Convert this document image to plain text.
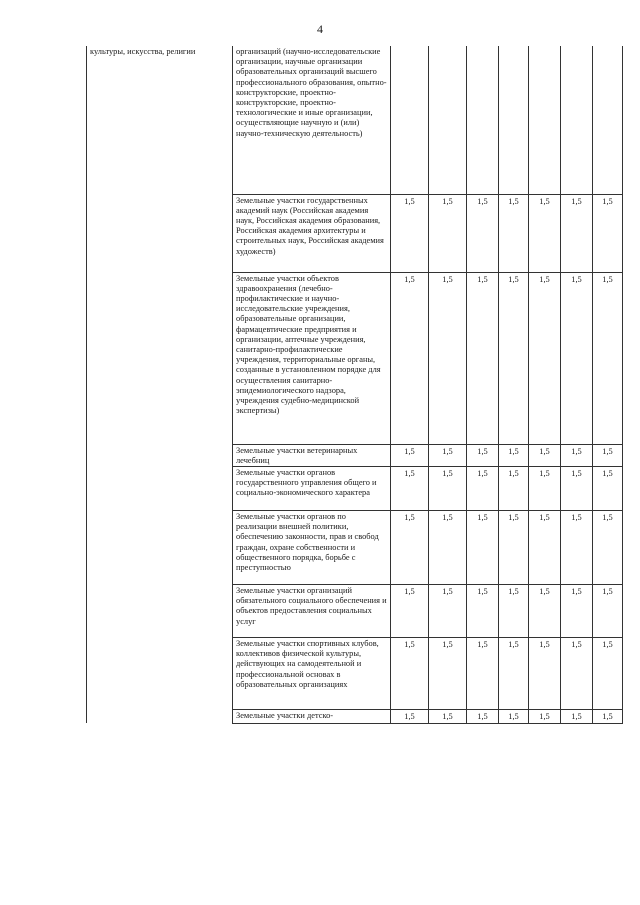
4
культуры, искусства, религии	организаций (научно-исследовательские организации, научные организации образовательных организаций высшего профессионального образования, опытно-конструкторские, проектно-конструкторские, проектно-технологические и иные организации, осуществляющие научную и (или) научно-техническую деятельность)							
	Земельные участки государственных академий наук (Российская академия наук, Российская академия образования, Российская академия архитектуры и строительных наук, Российская академия художеств)	1,5	1,5	1,5	1,5	1,5	1,5	1,5
	Земельные участки объектов здравоохранения (лечебно-профилактические и научно-исследовательские учреждения, образовательные организации, фармацевтические предприятия и организации, аптечные учреждения, санитарно-профилактические учреждения, территориальные органы, созданные в установленном порядке для осуществления санитарно-эпидемиологического надзора, учреждения судебно-медицинской экспертизы)	1,5	1,5	1,5	1,5	1,5	1,5	1,5
	Земельные участки ветеринарных лечебниц	1,5	1,5	1,5	1,5	1,5	1,5	1,5
	Земельные участки органов государственного управления общего и социально-экономического характера	1,5	1,5	1,5	1,5	1,5	1,5	1,5
	Земельные участки органов по реализации внешней политики, обеспечению законности, прав и свобод граждан, охране собственности и общественного порядка, борьбе с преступностью	1,5	1,5	1,5	1,5	1,5	1,5	1,5
	Земельные участки организаций обязательного социального обеспечения и объектов предоставления социальных услуг	1,5	1,5	1,5	1,5	1,5	1,5	1,5
	Земельные участки спортивных клубов, коллективов физической культуры, действующих на самодеятельной и профессиональной основах в образовательных организациях	1,5	1,5	1,5	1,5	1,5	1,5	1,5
	Земельные участки детско-	1,5	1,5	1,5	1,5	1,5	1,5	1,5
